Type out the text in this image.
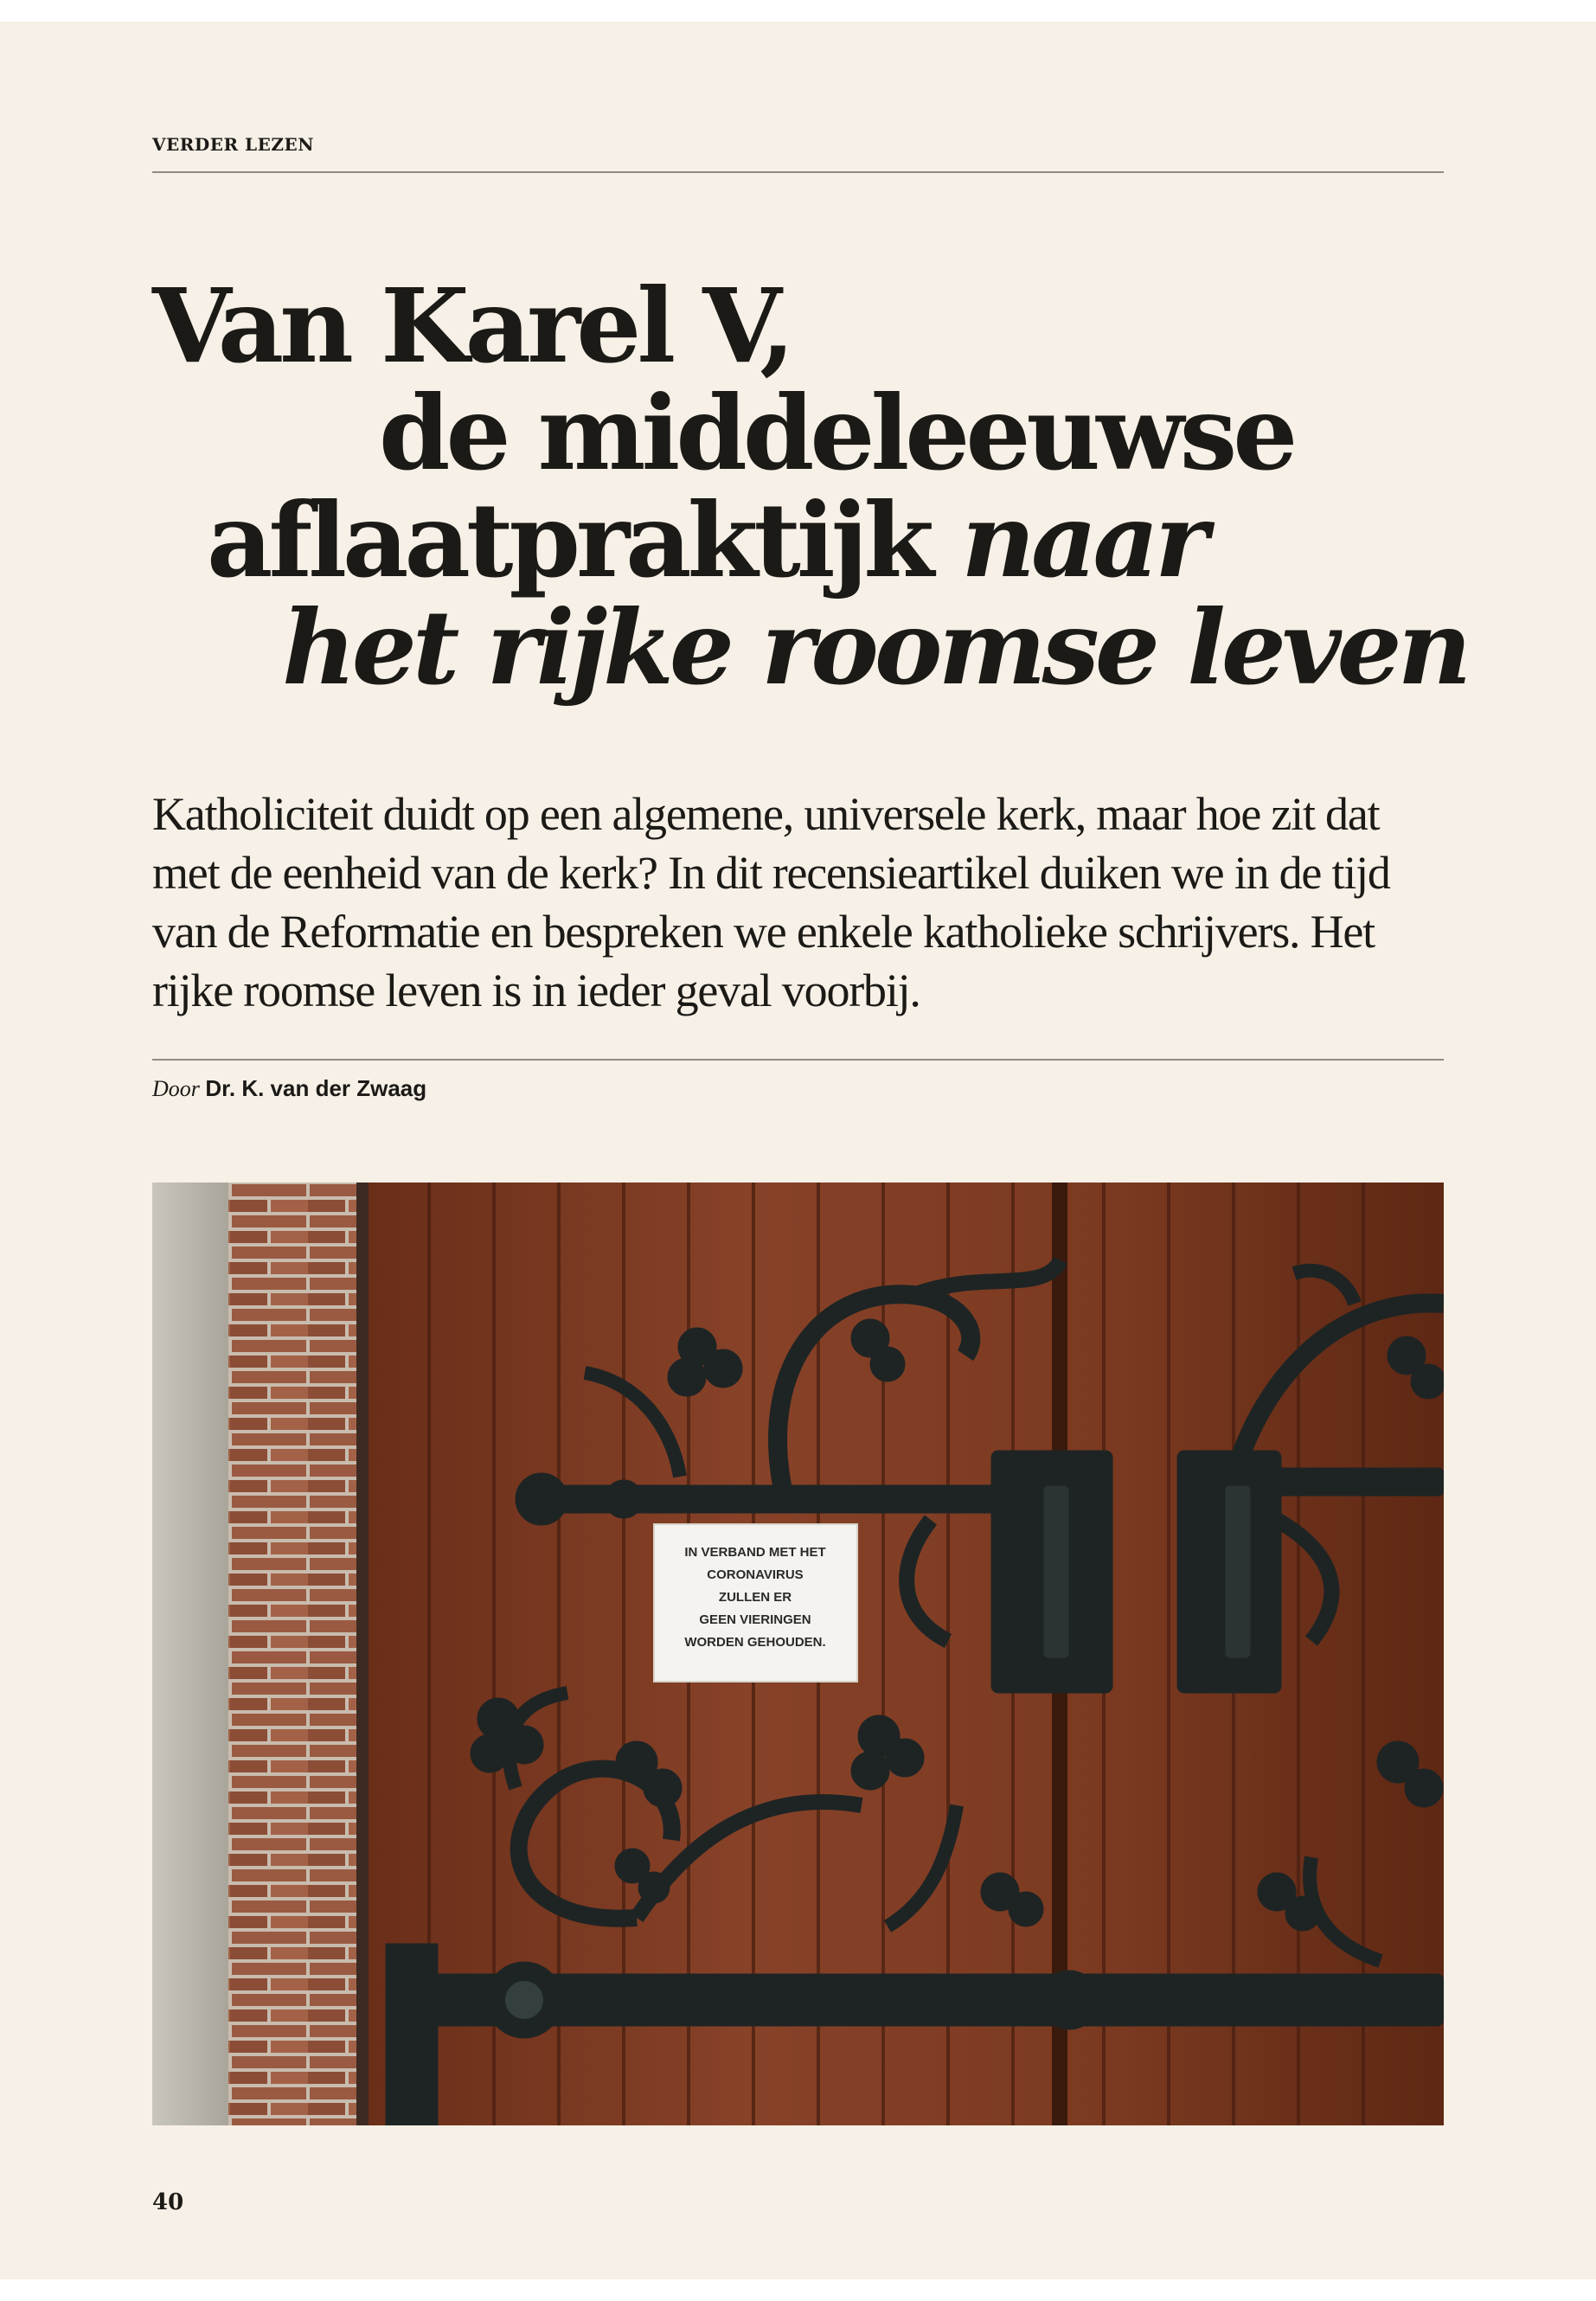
VERDER LEZEN
Van Karel V,
de middeleeuwse
aflaatpraktijk naar
het rijke roomse leven

Katholiciteit duidt op een algemene, universele kerk, maar hoe zit dat met de eenheid van de kerk? In dit recensieartikel duiken we in de tijd van de Reformatie en bespreken we enkele katholieke schrijvers. Het rijke roomse leven is in ieder geval voorbij.

Door Dr. K. van der Zwaag
IN VERBAND MET HET
CORONAVIRUS
ZULLEN ER
GEEN VIERINGEN
WORDEN GEHOUDEN.
40
